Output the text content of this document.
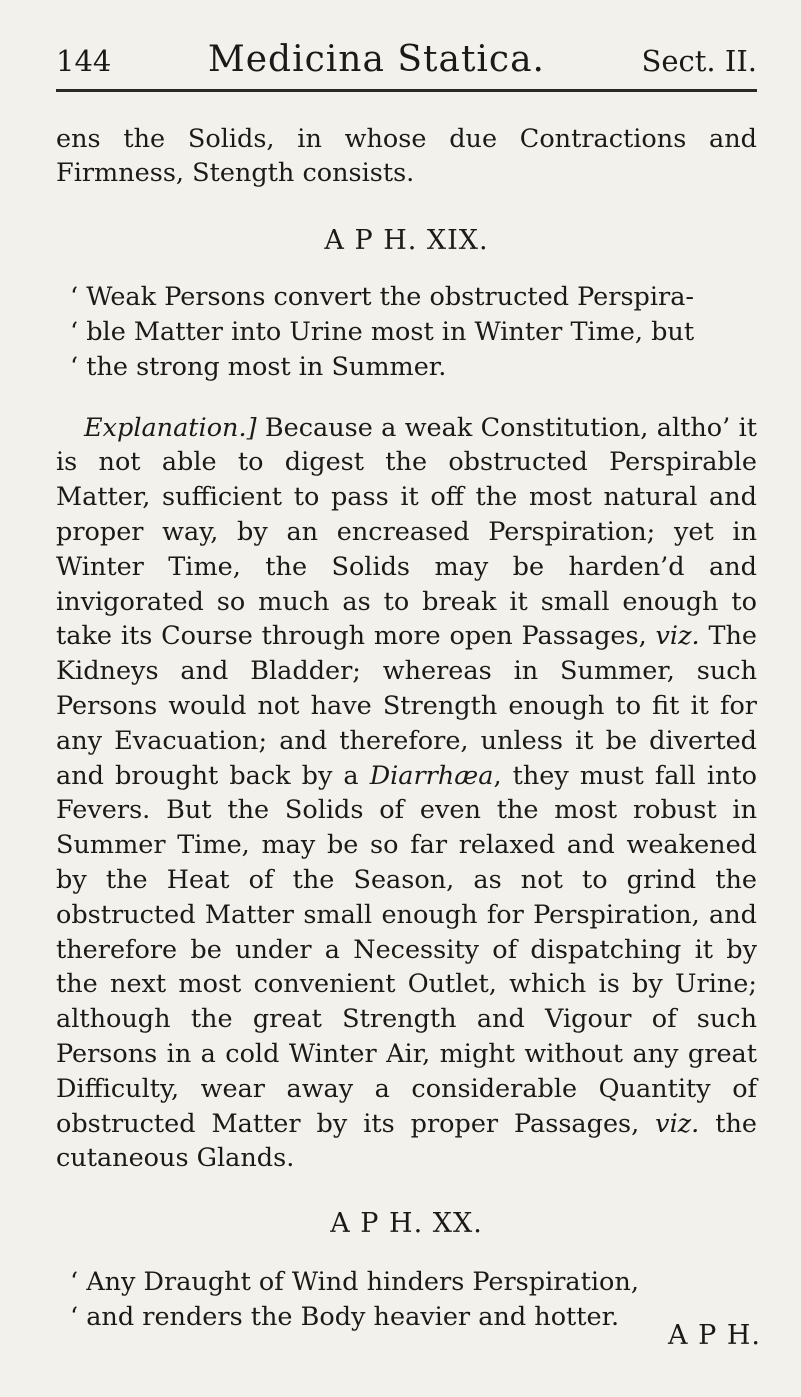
144	Medicina Statica.	Sect. II.

ens the Solids, in whose due Contractions and Firmness, Stength consists.

A P H. XIX.

‘ Weak Persons convert the obstructed Perspira-
‘ ble Matter into Urine most in Winter Time, but
‘ the strong most in Summer.

Explanation.] Because a weak Constitution, altho’ it is not able to digest the obstructed Perspirable Matter, sufficient to pass it off the most natural and proper way, by an encreased Perspiration; yet in Winter Time, the Solids may be harden’d and invigorated so much as to break it small enough to take its Course through more open Passages, viz. The Kidneys and Bladder; whereas in Summer, such Persons would not have Strength enough to fit it for any Evacuation; and therefore, unless it be diverted and brought back by a Diarrhæa, they must fall into Fevers. But the Solids of even the most robust in Summer Time, may be so far relaxed and weakened by the Heat of the Season, as not to grind the obstructed Matter small enough for Perspiration, and therefore be under a Necessity of dispatching it by the next most convenient Outlet, which is by Urine; although the great Strength and Vigour of such Persons in a cold Winter Air, might without any great Difficulty, wear away a considerable Quantity of obstructed Matter by its proper Passages, viz. the cutaneous Glands.

A P H. XX.

‘ Any Draught of Wind hinders Perspiration,
‘ and renders the Body heavier and hotter.
A P H.
